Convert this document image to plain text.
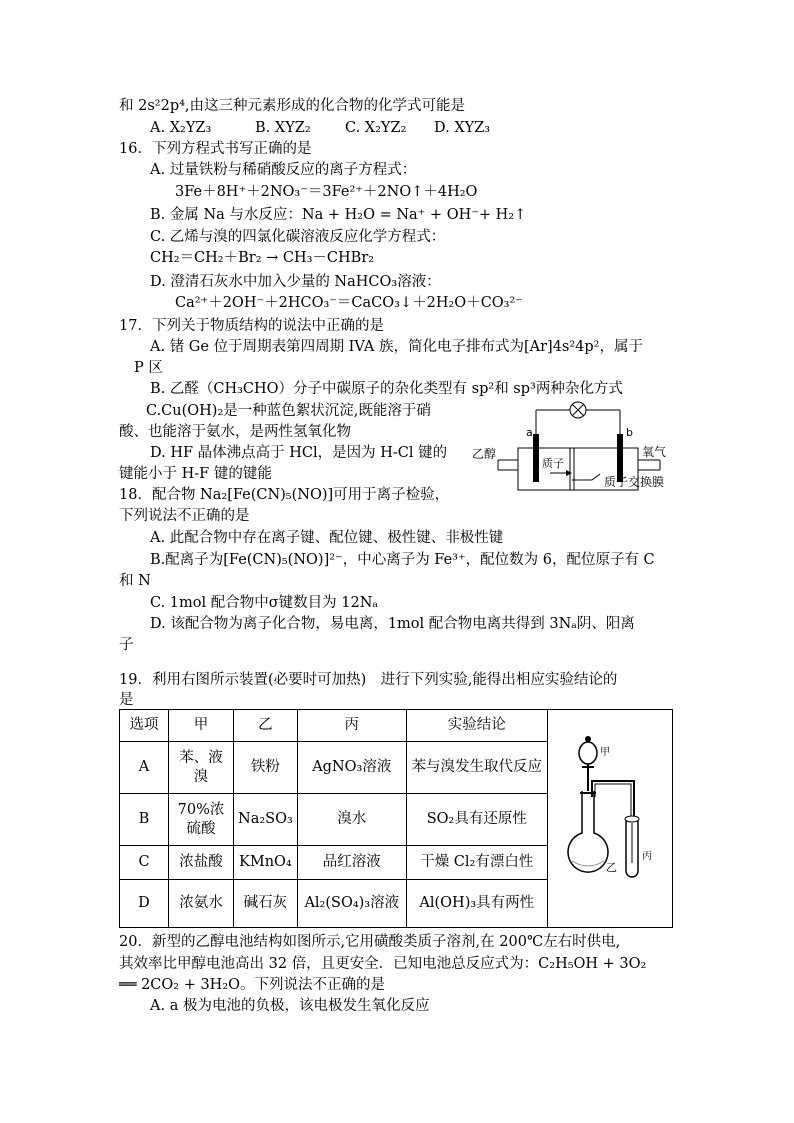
和 2s²2p⁴,由这三种元素形成的化合物的化学式可能是
A. X₂YZ₃	B. XYZ₂ C. X₂YZ₂ D. XYZ₃
16．下列方程式书写正确的是
A. 过量铁粉与稀硝酸反应的离子方程式：
3Fe＋8H⁺＋2NO₃⁻＝3Fe²⁺＋2NO↑＋4H₂O
B. 金属 Na 与水反应：Na + H₂O = Na⁺ + OH⁻+ H₂↑
C. 乙烯与溴的四氯化碳溶液反应化学方程式：
CH₂＝CH₂＋Br₂ → CH₃－CHBr₂
D. 澄清石灰水中加入少量的 NaHCO₃溶液：
Ca²⁺＋2OH⁻＋2HCO₃⁻＝CaCO₃↓＋2H₂O＋CO₃²⁻
17．下列关于物质结构的说法中正确的是
A. 锗 Ge 位于周期表第四周期 IVA 族，简化电子排布式为[Ar]4s²4p²，属于
P 区
B. 乙醛（CH₃CHO）分子中碳原子的杂化类型有 sp²和 sp³两种杂化方式
C.Cu(OH)₂是一种蓝色絮状沉淀,既能溶于硝
酸、也能溶于氨水，是两性氢氧化物
D. HF 晶体沸点高于 HCl，是因为 H-Cl 键的
键能小于 H-F 键的键能
a	b
乙醇	氧气
质子
质子交换膜
18．配合物 Na₂[Fe(CN)₅(NO)]可用于离子检验，
下列说法不正确的是
A. 此配合物中存在离子键、配位键、极性键、非极性键
B.配离子为[Fe(CN)₅(NO)]²⁻，中心离子为 Fe³⁺，配位数为 6，配位原子有 C
和 N
C. 1mol 配合物中σ键数目为 12Nₐ
D. 该配合物为离子化合物，易电离，1mol 配合物电离共得到 3Nₐ阴、阳离
子
19．利用右图所示装置(必要时可加热)　进行下列实验,能得出相应实验结论的
是
选项	甲	乙	丙	实验结论	甲
乙
丙

A	苯、液溴	铁粉	AgNO₃溶液	苯与溴发生取代反应	
B	70%浓硫酸	Na₂SO₃	溴水	SO₂具有还原性	
C	浓盐酸	KMnO₄	品红溶液	干燥 Cl₂有漂白性	
D	浓氨水	碱石灰	Al₂(SO₄)₃溶液	Al(OH)₃具有两性	
20．新型的乙醇电池结构如图所示,它用磺酸类质子溶剂,在 200℃左右时供电,
其效率比甲醇电池高出 32 倍，且更安全．已知电池总反应式为：C₂H₅OH + 3O₂
══ 2CO₂ + 3H₂O。下列说法不正确的是
A. a 极为电池的负极，该电极发生氧化反应
